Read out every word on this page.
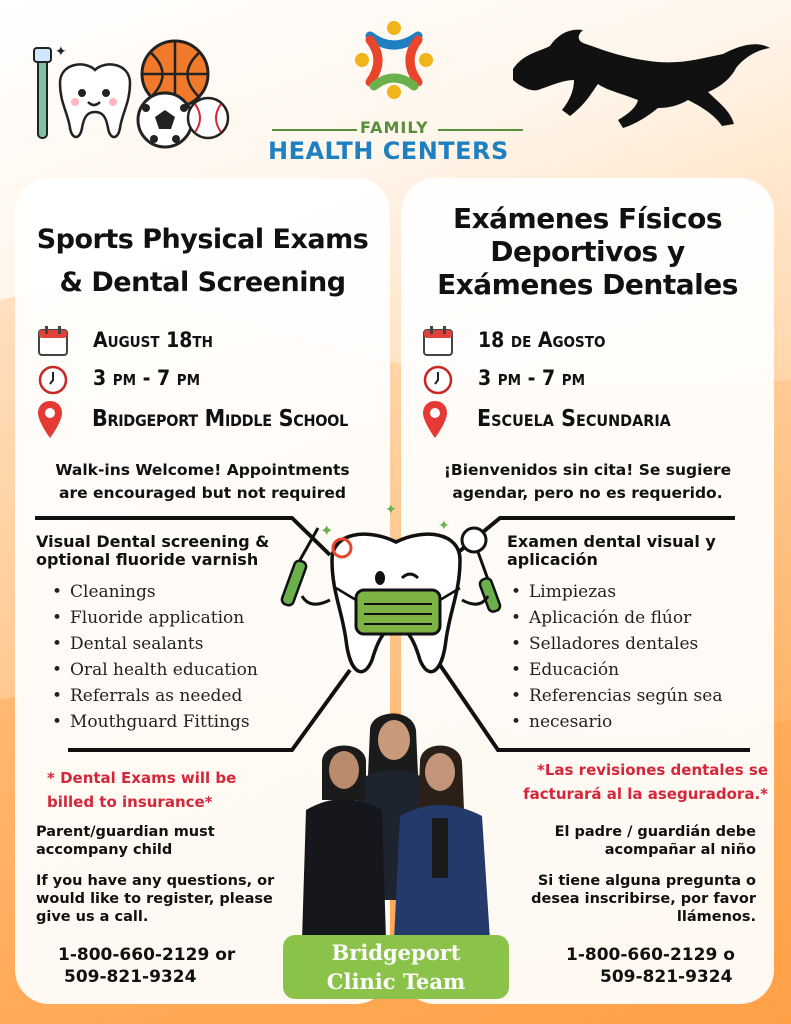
✦
FAMILY
HEALTH CENTERS
Sports Physical Exams
& Dental Screening
Exámenes Físicos
Deportivos y
Exámenes Dentales
August 18th
3 pm - 7 pm
Bridgeport Middle School
18 de Agosto
3 pm - 7 pm
Escuela Secundaria
Walk-ins Welcome! Appointments
are encouraged but not required
¡Bienvenidos sin cita! Se sugiere
agendar, pero no es requerido.
Visual Dental screening &
optional fluoride varnish
Examen dental visual y
aplicación
• Cleanings
• Fluoride application
• Dental sealants
• Oral health education
• Referrals as needed
• Mouthguard Fittings
• Limpiezas
• Aplicación de flúor
• Selladores dentales
• Educación
• Referencias según sea
• necesario
✦
✦
✦
* Dental Exams will be
billed to insurance*
*Las revisiones dentales se
facturará al la aseguradora.*
Parent/guardian must
accompany child
El padre / guardián debe
acompañar al niño
If you have any questions, or
would like to register, please
give us a call.
Si tiene alguna pregunta o
desea inscribirse, por favor
llámenos.
1-800-660-2129 or
509-821-9324
1-800-660-2129 o
509-821-9324
Bridgeport
Clinic Team
